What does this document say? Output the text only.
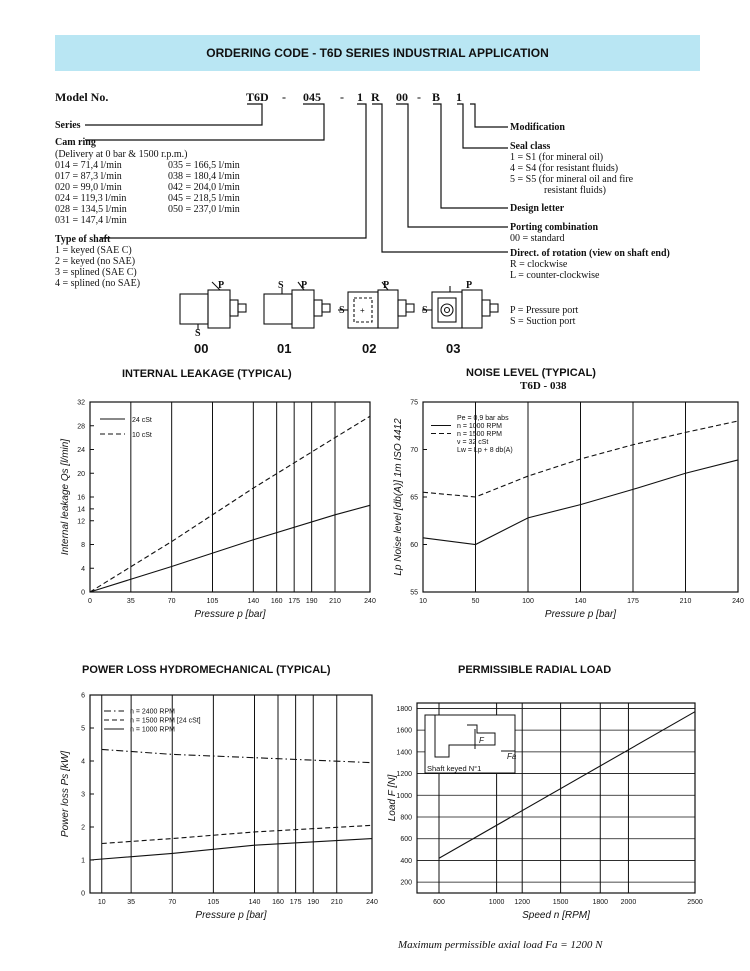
ORDERING CODE - T6D SERIES INDUSTRIAL APPLICATION
Model No.	T6D - 045 - 1 R 00 - B 1
Series
Cam ring
(Delivery at 0 bar & 1500 r.p.m.)
014 = 71,4 l/min
017 = 87,3 l/min
020 = 99,0 l/min
024 = 119,3 l/min
028 = 134,5 l/min
031 = 147,4 l/min
035 = 166,5 l/min
038 = 180,4 l/min
042 = 204,0 l/min
045 = 218,5 l/min
050 = 237,0 l/min
Type of shaft
1 = keyed (SAE C)
2 = keyed (no SAE)
3 = splined (SAE C)
4 = splined (no SAE)
Modification
Seal class
1 = S1 (for mineral oil)
4 = S4 (for resistant fluids)
5 = S5 (for mineral oil and fire
resistant fluids)
Design letter
Porting combination
00 = standard
Direct. of rotation (view on shaft end)
R = clockwise
L = counter-clockwise
+
P
S
S P
S
P
S
P
00	01	02	03
P = Pressure port
S = Suction port
INTERNAL LEAKAGE (TYPICAL)	NOISE LEVEL (TYPICAL)
T6D - 038
POWER LOSS HYDROMECHANICAL (TYPICAL)	PERMISSIBLE RADIAL LOAD
0	35	70	105	140 160 175 190 210	240
0
4
8
12
14
16
20
24
28
32
Pressure p [bar]
Internal leakage Qs [l/min]
24 cSt
10 cSt
10	50	100	140	175	210	240
55
60
65
70
75
Pressure p [bar]
Lp Noise level [db(A)] 1m ISO 4412	Pe = 0,9 bar abs
n = 1000 RPM
n = 1500 RPM
ν = 32 cSt
Lw = Lp + 8 db(A)
10	35	70	105	140 160 175 190 210	240
0
1
2
3
4
5
6
Pressure p [bar]
Power loss Ps [kW]
n = 2400 RPM
n = 1500 RPM [24 cSt]
n = 1000 RPM
600	1000 1200	1500	1800 2000	2500
200
400
600
800
1000
1200
1400
1600
1800
Speed n [RPM]
Load F [N]
F
Fa
Shaft keyed N°1
Maximum permissible axial load Fa = 1200 N
